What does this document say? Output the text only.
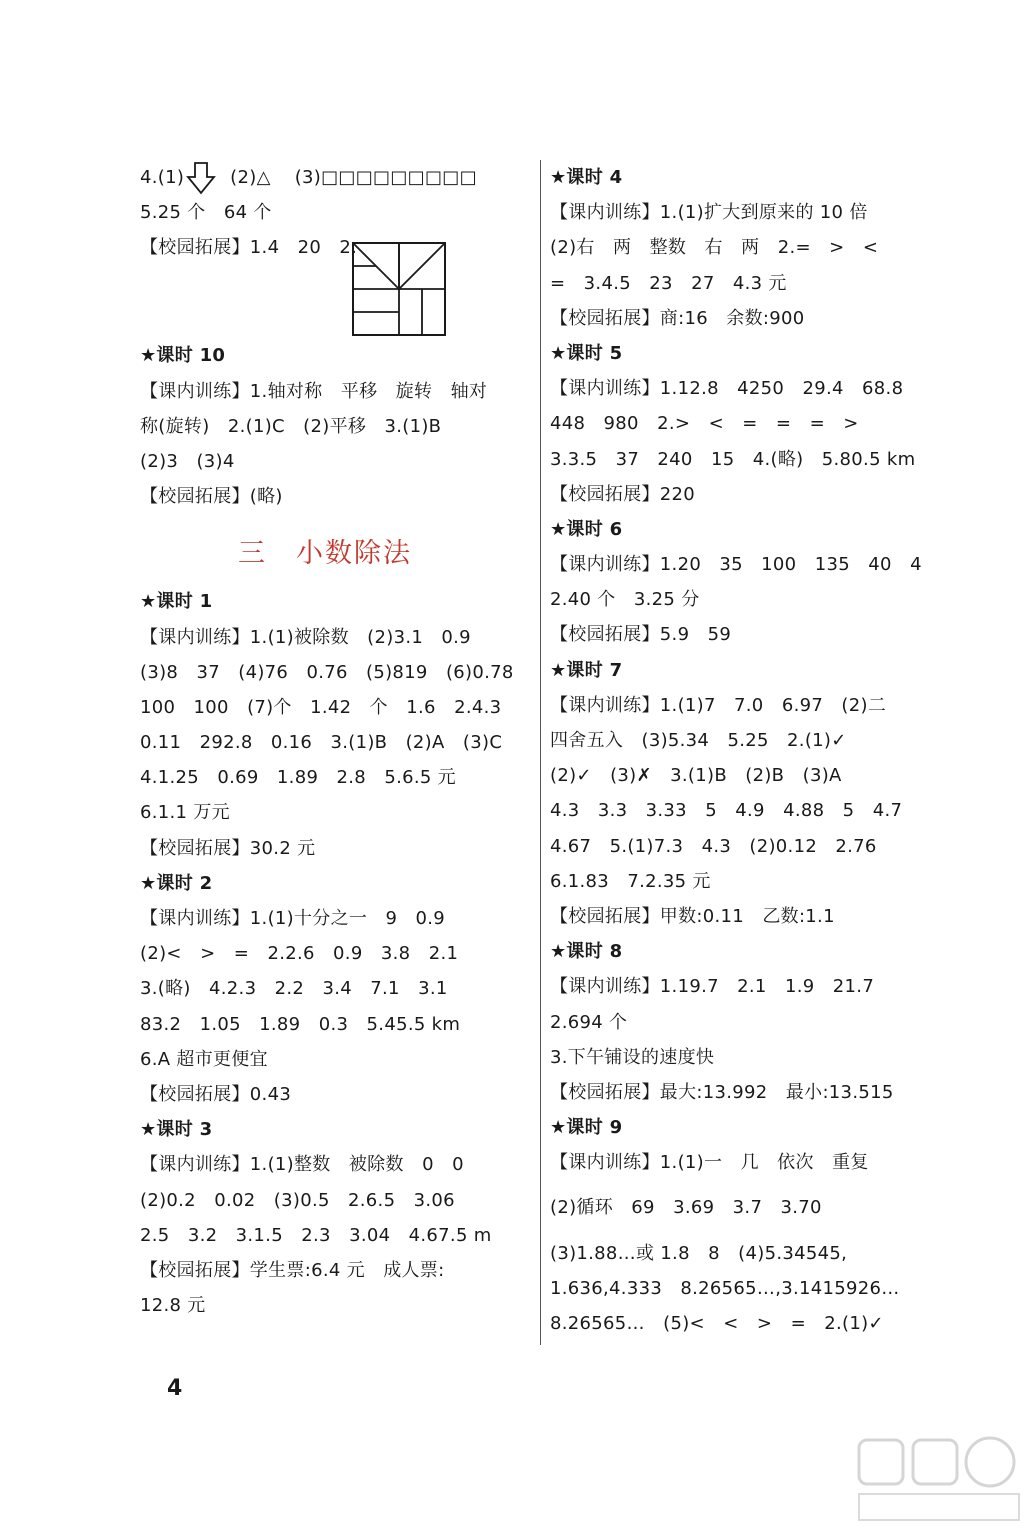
4.(1)	(2)△ (3)□□□□□□□□□
5.25 个　64 个
【校园拓展】1.4　20　2.
★课时 10
【课内训练】1.轴对称　平移　旋转　轴对
称(旋转)　2.(1)C　(2)平移　3.(1)B
(2)3　(3)4
【校园拓展】(略)
三　小数除法
★课时 1
【课内训练】1.(1)被除数　(2)3.1　0.9
(3)8　37　(4)76　0.76　(5)819　(6)0.78
100　100　(7)个　1.42　个　1.6　2.4.3
0.11　292.8　0.16　3.(1)B　(2)A　(3)C
4.1.25　0.69　1.89　2.8　5.6.5 元
6.1.1 万元
【校园拓展】30.2 元
★课时 2
【课内训练】1.(1)十分之一　9　0.9
(2)<　>　=　2.2.6　0.9　3.8　2.1
3.(略)　4.2.3　2.2　3.4　7.1　3.1
83.2　1.05　1.89　0.3　5.45.5 km
6.A 超市更便宜
【校园拓展】0.43
★课时 3
【课内训练】1.(1)整数　被除数　0　0
(2)0.2　0.02　(3)0.5　2.6.5　3.06
2.5　3.2　3.1.5　2.3　3.04　4.67.5 m
【校园拓展】学生票:6.4 元　成人票:
12.8 元
★课时 4
【课内训练】1.(1)扩大到原来的 10 倍
(2)右　两　整数　右　两　2.=　>　<
=　3.4.5　23　27　4.3 元
【校园拓展】商:16　余数:900
★课时 5
【课内训练】1.12.8　4250　29.4　68.8
448　980　2.>　<　=　=　=　>
3.3.5　37　240　15　4.(略)　5.80.5 km
【校园拓展】220
★课时 6
【课内训练】1.20　35　100　135　40　4
2.40 个　3.25 分
【校园拓展】5.9　59
★课时 7
【课内训练】1.(1)7　7.0　6.97　(2)二
四舍五入　(3)5.34　5.25　2.(1)✓
(2)✓　(3)✗　3.(1)B　(2)B　(3)A
4.3　3.3　3.33　5　4.9　4.88　5　4.7
4.67　5.(1)7.3　4.3　(2)0.12　2.76
6.1.83　7.2.35 元
【校园拓展】甲数:0.11　乙数:1.1
★课时 8
【课内训练】1.19.7　2.1　1.9　21.7
2.694 个
3.下午铺设的速度快
【校园拓展】最大:13.992　最小:13.515
★课时 9
【课内训练】1.(1)一　几　依次　重复
(2)循环　69　3.69　3.7　3.70
(3)1.88…或 1.8　8　(4)5.34545,
1.636,4.333　8.26565…,3.1415926…
8.26565…　(5)<　<　>　=　2.(1)✓
4
